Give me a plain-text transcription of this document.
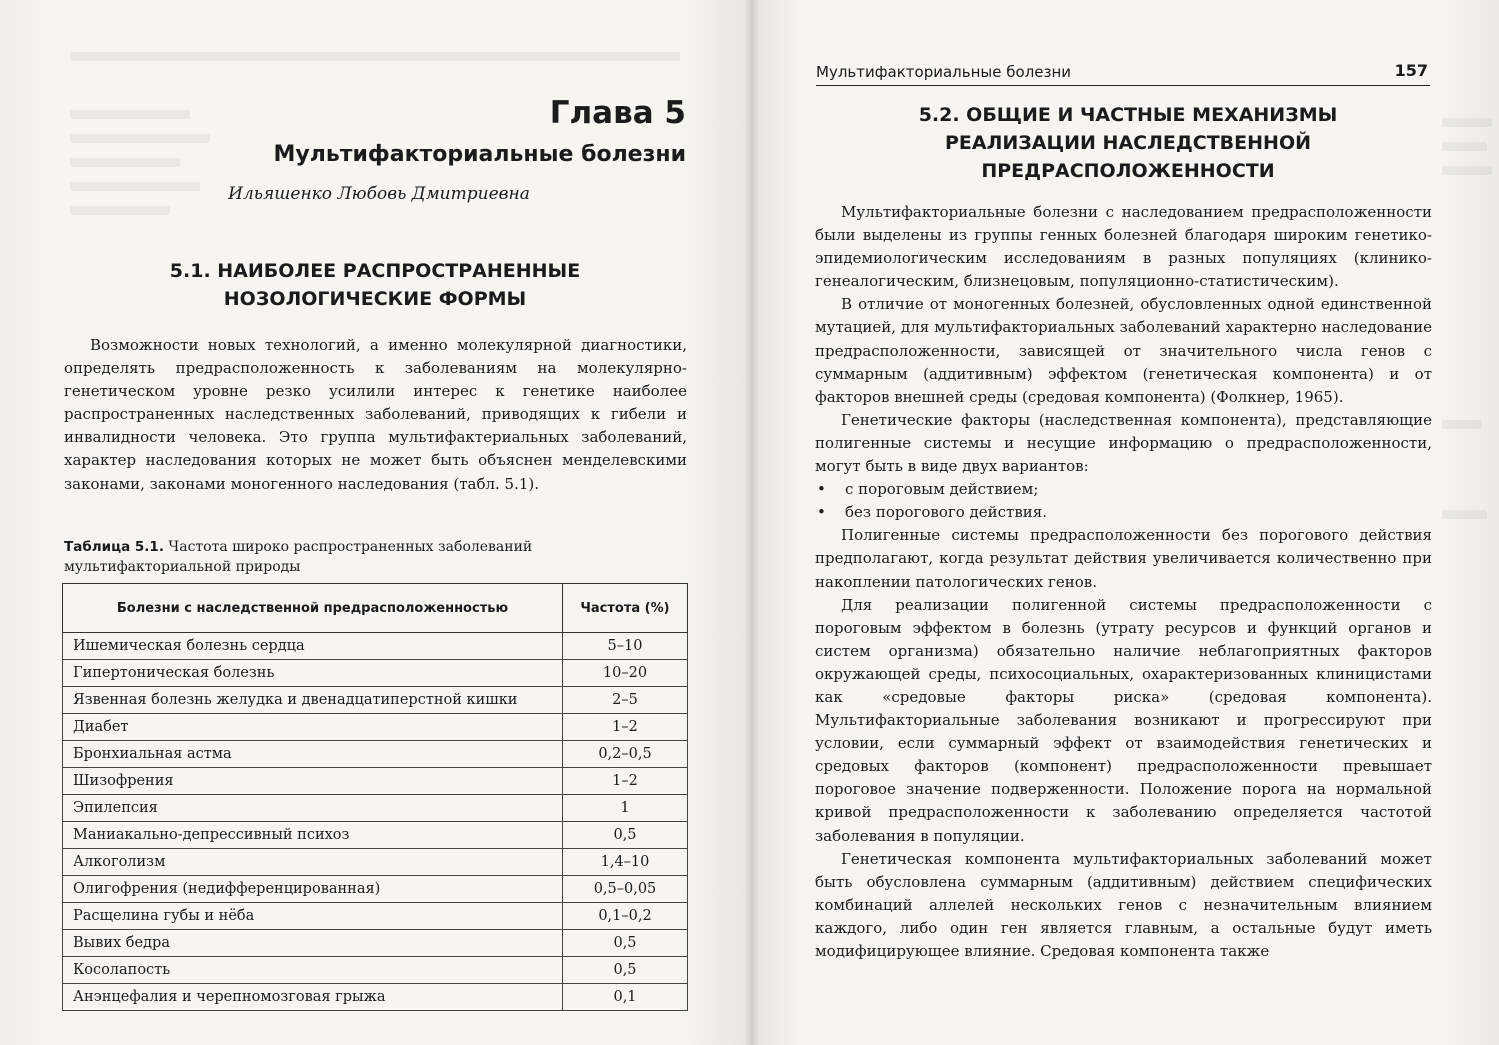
Глава 5
Мультифакториальные болезни
Ильяшенко Любовь Дмитриевна
5.1. НАИБОЛЕЕ РАСПРОСТРАНЕННЫЕ
НОЗОЛОГИЧЕСКИЕ ФОРМЫ

Возможности новых технологий, а именно молекулярной диагностики, определять предрасположенность к заболеваниям на молекулярно-генетическом уровне резко усилили интерес к генетике наиболее распространенных наследственных заболеваний, приводящих к гибели и инвалидности человека. Это группа мультифактериальных заболеваний, характер наследования которых не может быть объяснен менделевскими законами, законами моногенного наследования (табл. 5.1).

Таблица 5.1. Частота широко распространенных заболеваний мультифакториальной природы
Болезни с наследственной предрасположенностью	Частота (%)
Ишемическая болезнь сердца	5–10
Гипертоническая болезнь	10–20
Язвенная болезнь желудка и двенадцатиперстной кишки	2–5
Диабет	1–2
Бронхиальная астма	0,2–0,5
Шизофрения	1–2
Эпилепсия	1
Маниакально-депрессивный психоз	0,5
Алкоголизм	1,4–10
Олигофрения (недифференцированная)	0,5–0,05
Расщелина губы и нёба	0,1–0,2
Вывих бедра	0,5
Косолапость	0,5
Анэнцефалия и черепномозговая грыжа	0,1
Мультифакториальные болезни	157
5.2. ОБЩИЕ И ЧАСТНЫЕ МЕХАНИЗМЫ
РЕАЛИЗАЦИИ НАСЛЕДСТВЕННОЙ
ПРЕДРАСПОЛОЖЕННОСТИ

Мультифакториальные болезни с наследованием предрасположенности были выделены из группы генных болезней благодаря широким генетико-эпидемиологическим исследованиям в разных популяциях (клинико-генеалогическим, близнецовым, популяционно-статистическим).

В отличие от моногенных болезней, обусловленных одной единственной мутацией, для мультифакториальных заболеваний характерно наследование предрасположенности, зависящей от значительного числа генов с суммарным (аддитивным) эффектом (генетическая компонента) и от факторов внешней среды (средовая компонента) (Фолкнер, 1965).

Генетические факторы (наследственная компонента), представляющие полигенные системы и несущие информацию о предрасположенности, могут быть в виде двух вариантов:

• с пороговым действием;
• без порогового действия.

Полигенные системы предрасположенности без порогового действия предполагают, когда результат действия увеличивается количественно при накоплении патологических генов.

Для реализации полигенной системы предрасположенности с пороговым эффектом в болезнь (утрату ресурсов и функций органов и систем организма) обязательно наличие неблагоприятных факторов окружающей среды, психосоциальных, охарактеризованных клиницистами как «средовые факторы риска» (средовая компонента). Мультифакториальные заболевания возникают и прогрессируют при условии, если суммарный эффект от взаимодействия генетических и средовых факторов (компонент) предрасположенности превышает пороговое значение подверженности. Положение порога на нормальной кривой предрасположенности к заболеванию определяется частотой заболевания в популяции.

Генетическая компонента мультифакториальных заболеваний может быть обусловлена суммарным (аддитивным) действием специфических комбинаций аллелей нескольких генов с незначительным влиянием каждого, либо один ген является главным, а остальные будут иметь модифицирующее влияние. Средовая компонента также
